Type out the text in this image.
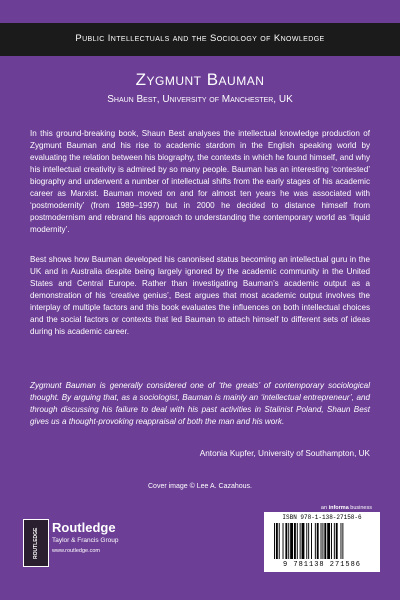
Public Intellectuals and the Sociology of Knowledge
Zygmunt Bauman
Shaun Best, University of Manchester, UK
In this ground-breaking book, Shaun Best analyses the intellectual knowledge production of Zygmunt Bauman and his rise to academic stardom in the English speaking world by evaluating the relation between his biography, the contexts in which he found himself, and why his intellectual creativity is admired by so many people. Bauman has an interesting ‘contested’ biography and underwent a number of intellectual shifts from the early stages of his academic career as Marxist. Bauman moved on and for almost ten years he was associated with ‘postmodernity’ (from 1989–1997) but in 2000 he decided to distance himself from postmodernism and rebrand his approach to understanding the contemporary world as ‘liquid modernity’.
Best shows how Bauman developed his canonised status becoming an intellectual guru in the UK and in Australia despite being largely ignored by the academic community in the United States and Central Europe. Rather than investigating Bauman’s academic output as a demonstration of his ‘creative genius’, Best argues that most academic output involves the interplay of multiple factors and this book evaluates the influences on both intellectual choices and the social factors or contexts that led Bauman to attach himself to different sets of ideas during his academic career.
Zygmunt Bauman is generally considered one of ‘the greats’ of contemporary sociological thought. By arguing that, as a sociologist, Bauman is mainly an ‘intellectual entrepreneur’, and through discussing his failure to deal with his past activities in Stalinist Poland, Shaun Best gives us a thought-provoking reappraisal of both the man and his work.
Antonia Kupfer, University of Southampton, UK
Cover image © Lee A. Cazahous.
an informa business
ROUTLEDGE	Routledge
Taylor & Francis Group
www.routledge.com
ISBN 978-1-138-27158-6
9 781138 271586
